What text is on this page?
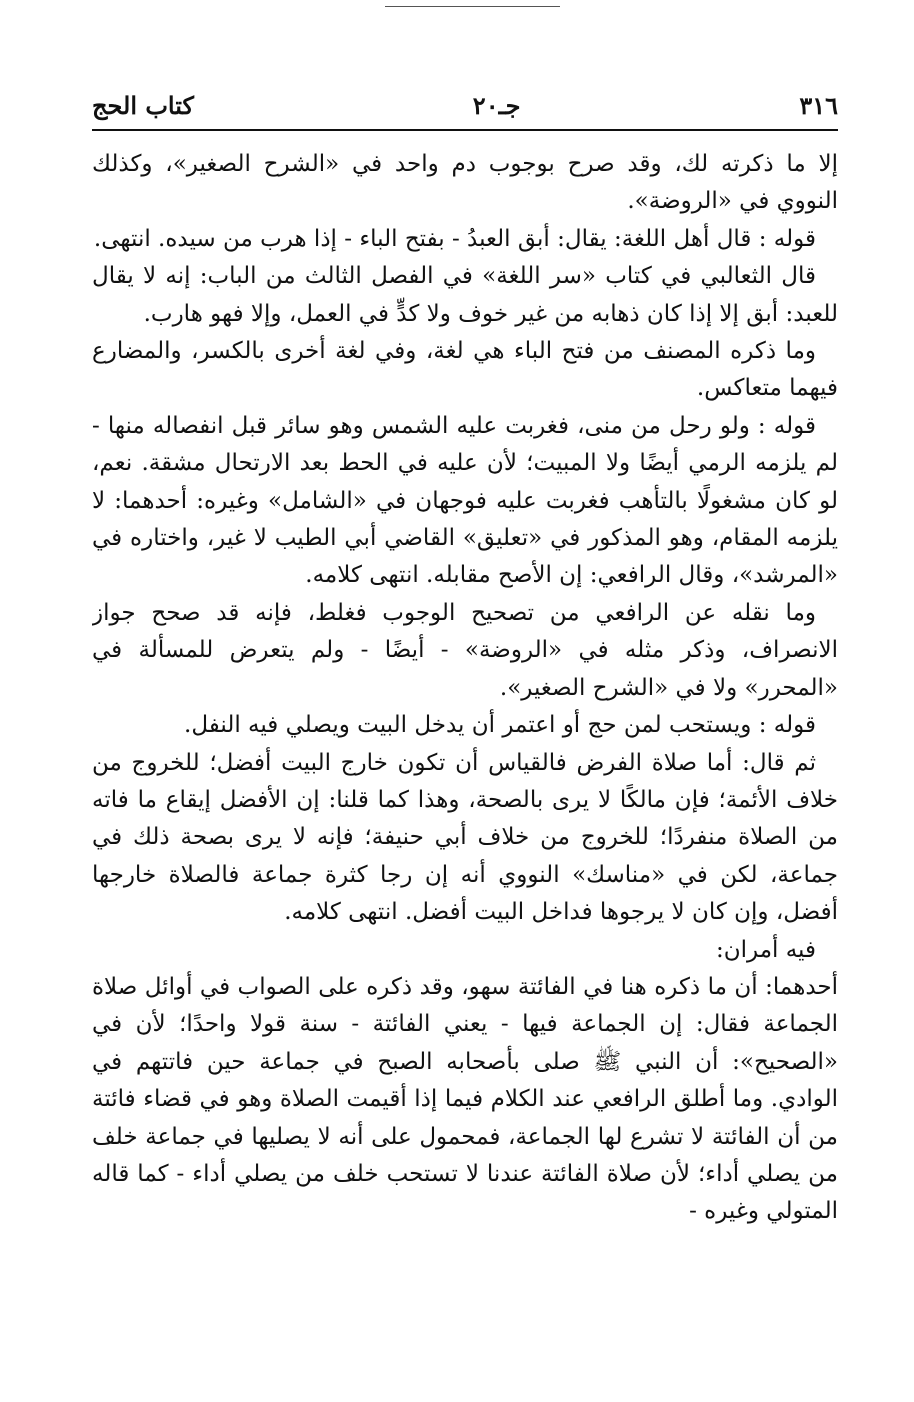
٣١٦
جـ٢٠
كتاب الحج

إلا ما ذكرته لك، وقد صرح بوجوب دم واحد في «الشرح الصغير»، وكذلك النووي في «الروضة».

قوله : قال أهل اللغة: يقال: أبق العبدُ - بفتح الباء - إذا هرب من سيده. انتهى.

قال الثعالبي في كتاب «سر اللغة» في الفصل الثالث من الباب: إنه لا يقال للعبد: أبق إلا إذا كان ذهابه من غير خوف ولا كدٍّ في العمل، وإلا فهو هارب.

وما ذكره المصنف من فتح الباء هي لغة، وفي لغة أخرى بالكسر، والمضارع فيهما متعاكس.

قوله : ولو رحل من منى، فغربت عليه الشمس وهو سائر قبل انفصاله منها - لم يلزمه الرمي أيضًا ولا المبيت؛ لأن عليه في الحط بعد الارتحال مشقة. نعم، لو كان مشغولًا بالتأهب فغربت عليه فوجهان في «الشامل» وغيره: أحدهما: لا يلزمه المقام، وهو المذكور في «تعليق» القاضي أبي الطيب لا غير، واختاره في «المرشد»، وقال الرافعي: إن الأصح مقابله. انتهى كلامه.

وما نقله عن الرافعي من تصحيح الوجوب فغلط، فإنه قد صحح جواز الانصراف، وذكر مثله في «الروضة» - أيضًا - ولم يتعرض للمسألة في «المحرر» ولا في «الشرح الصغير».

قوله : ويستحب لمن حج أو اعتمر أن يدخل البيت ويصلي فيه النفل.

ثم قال: أما صلاة الفرض فالقياس أن تكون خارج البيت أفضل؛ للخروج من خلاف الأئمة؛ فإن مالكًا لا يرى بالصحة، وهذا كما قلنا: إن الأفضل إيقاع ما فاته من الصلاة منفردًا؛ للخروج من خلاف أبي حنيفة؛ فإنه لا يرى بصحة ذلك في جماعة، لكن في «مناسك» النووي أنه إن رجا كثرة جماعة فالصلاة خارجها أفضل، وإن كان لا يرجوها فداخل البيت أفضل. انتهى كلامه.

فيه أمران:

أحدهما: أن ما ذكره هنا في الفائتة سهو، وقد ذكره على الصواب في أوائل صلاة الجماعة فقال: إن الجماعة فيها - يعني الفائتة - سنة قولا واحدًا؛ لأن في «الصحيح»: أن النبي ﷺ صلى بأصحابه الصبح في جماعة حين فاتتهم في الوادي. وما أطلق الرافعي عند الكلام فيما إذا أقيمت الصلاة وهو في قضاء فائتة من أن الفائتة لا تشرع لها الجماعة، فمحمول على أنه لا يصليها في جماعة خلف من يصلي أداء؛ لأن صلاة الفائتة عندنا لا تستحب خلف من يصلي أداء - كما قاله المتولي وغيره -
